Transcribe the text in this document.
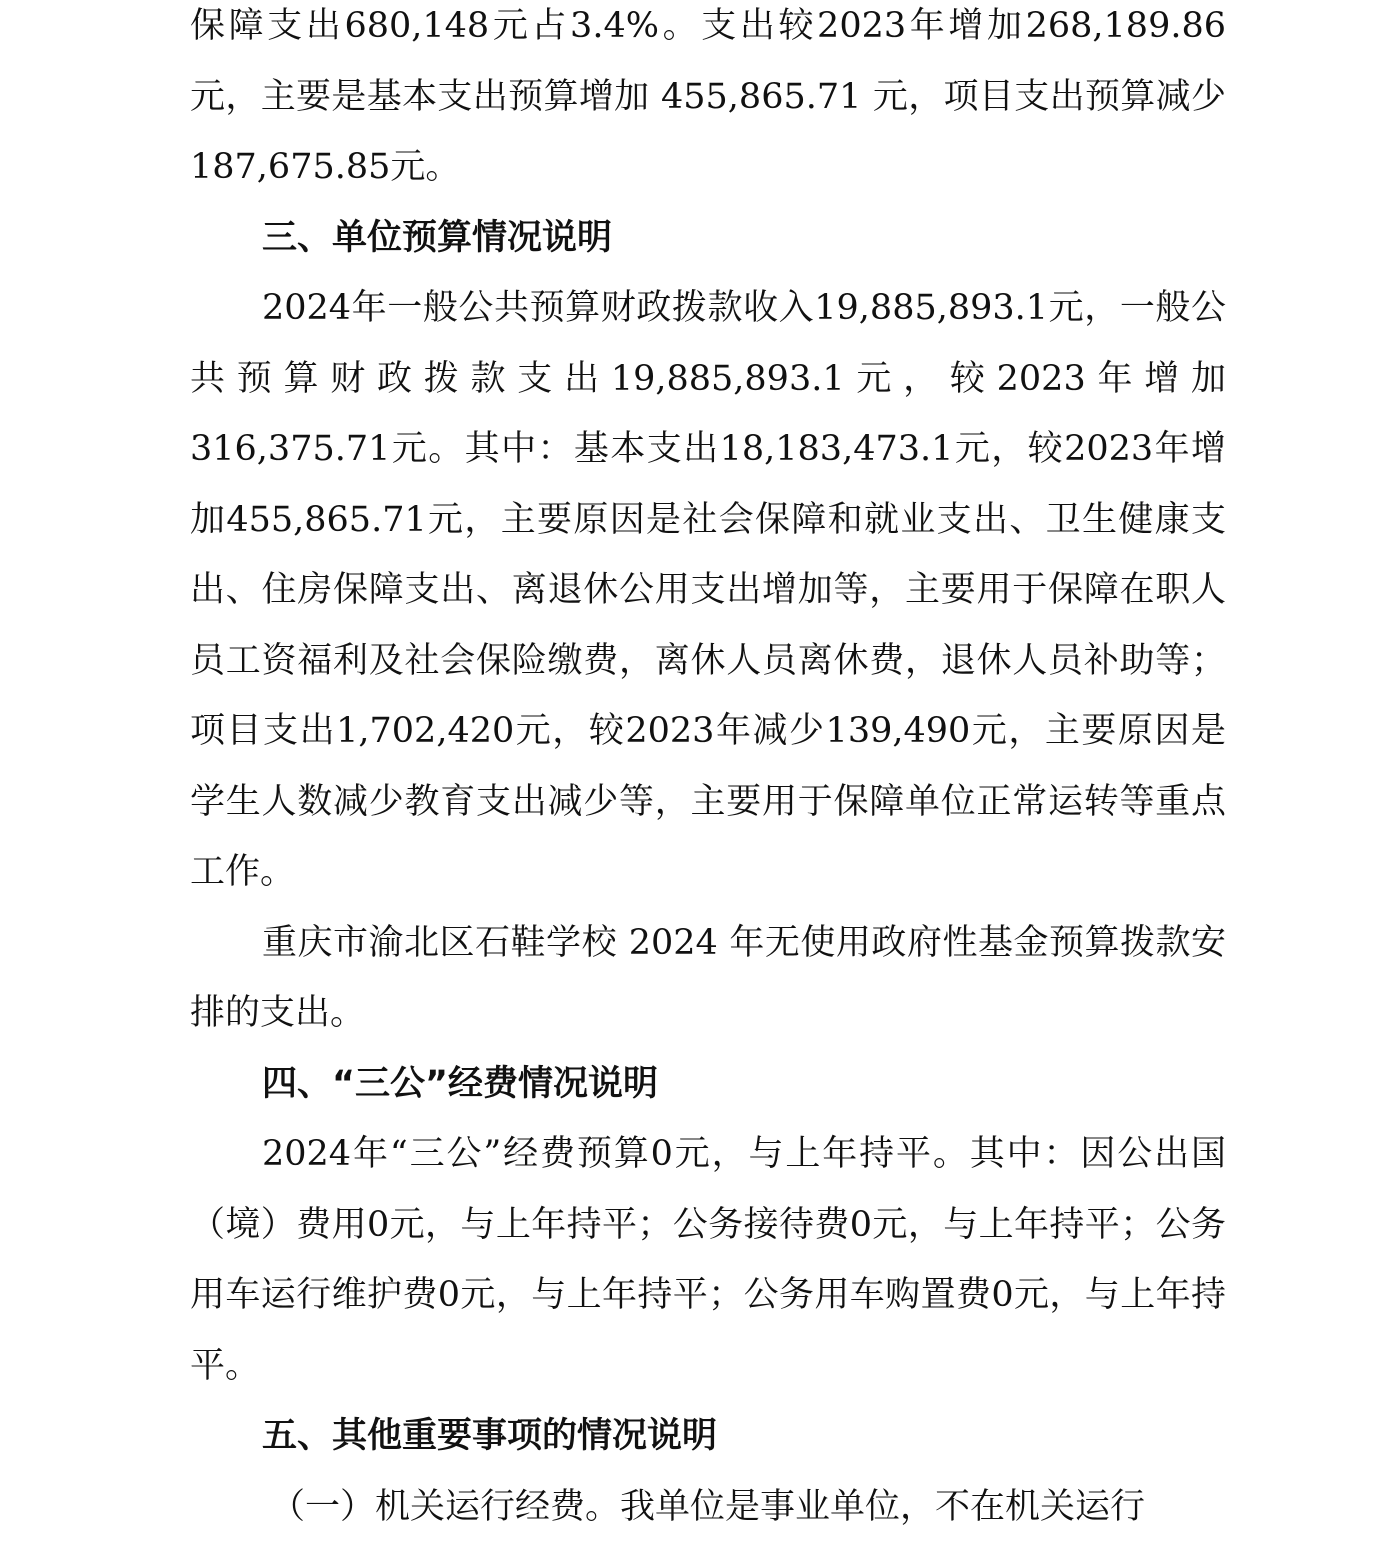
保障支出680,148元占3.4%。支出较2023年增加268,189.86元，主要是基本支出预算增加 455,865.71 元，项目支出预算减少187,675.85元。

三、单位预算情况说明

2024年一般公共预算财政拨款收入19,885,893.1元，一般公共预算财政拨款支出19,885,893.1元，较2023年增加316,375.71元。其中：基本支出18,183,473.1元，较2023年增加455,865.71元，主要原因是社会保障和就业支出、卫生健康支出、住房保障支出、离退休公用支出增加等，主要用于保障在职人员工资福利及社会保险缴费，离休人员离休费，退休人员补助等；项目支出1,702,420元，较2023年减少139,490元，主要原因是学生人数减少教育支出减少等，主要用于保障单位正常运转等重点工作。

重庆市渝北区石鞋学校 2024 年无使用政府性基金预算拨款安排的支出。

四、“三公”经费情况说明

2024年“三公”经费预算0元，与上年持平。其中：因公出国（境）费用0元，与上年持平；公务接待费0元，与上年持平；公务用车运行维护费0元，与上年持平；公务用车购置费0元，与上年持平。

五、其他重要事项的情况说明

（一）机关运行经费。我单位是事业单位，不在机关运行
